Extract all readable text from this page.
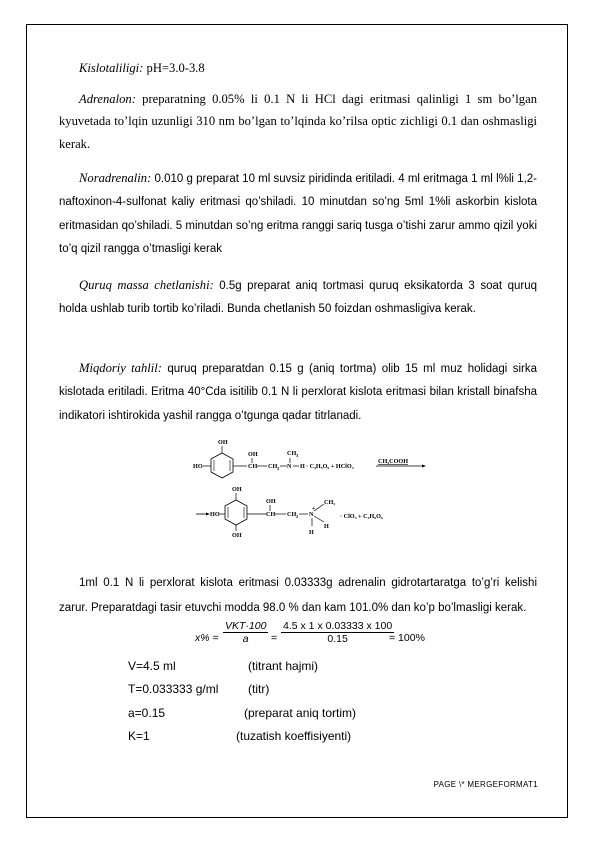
Kislotaliligi: pH=3.0-3.8
Adrenalon: preparatning 0.05% li 0.1 N li HCl dagi eritmasi qalinligi 1 sm bo’lgan kyuvetada to’lqin uzunligi 310 nm bo’lgan to’lqinda ko’rilsa optic zichligi 0.1 dan oshmasligi kerak.
Noradrenalin: 0.010 g preparat 10 ml suvsiz piridinda eritiladi. 4 ml eritmaga 1 ml l%li 1,2-naftoxinon-4-sulfonat kaliy eritmasi qo’shiladi. 10 minutdan so’ng 5ml 1%li askorbin kislota eritmasidan qo’shiladi. 5 minutdan so’ng eritma ranggi sariq tusga o’tishi zarur ammo qizil yoki to’q qizil rangga o’tmasligi kerak
Quruq massa chetlanishi: 0.5g preparat aniq tortmasi quruq eksikatorda 3 soat quruq holda ushlab turib tortib ko’riladi. Bunda chetlanish 50 foizdan oshmasligiva kerak.
Miqdoriy tahlil: quruq preparatdan 0.15 g (aniq tortma) olib 15 ml muz holidagi sirka kislotada eritiladi. Eritma 40°Cda isitilib 0.1 N li perxlorat kislota eritmasi bilan kristall binafsha indikatori ishtirokida yashil rangga o’tgunga qadar titrlanadi.
OH
HO
OH
CH CH 2 N
CH 3
H · C₄H₅O₆ + HClO₄
CH₃COOH
OH
HO
OH
OH
CH CH 2 N
+
CH₃
H
H
· ClO₄ + C₄H₆O₆
1ml 0.1 N li perxlorat kislota eritmasi 0.03333g adrenalin gidrotartaratga to’g’ri kelishi zarur. Preparatdagi tasir etuvchi modda 98.0 % dan kam 101.0% dan ko’p bo’lmasligi kerak.
x% =
VKT·100
a	= $\frac{4.5 x 1 x 0.03333 x 100}{0.15}$
= 100%
V=4.5 ml	(titrant hajmi)
T=0.033333 g/ml (titr)
a=0.15	(preparat aniq tortim)
K=1	(tuzatish koeffisiyenti)
PAGE \* MERGEFORMAT1
